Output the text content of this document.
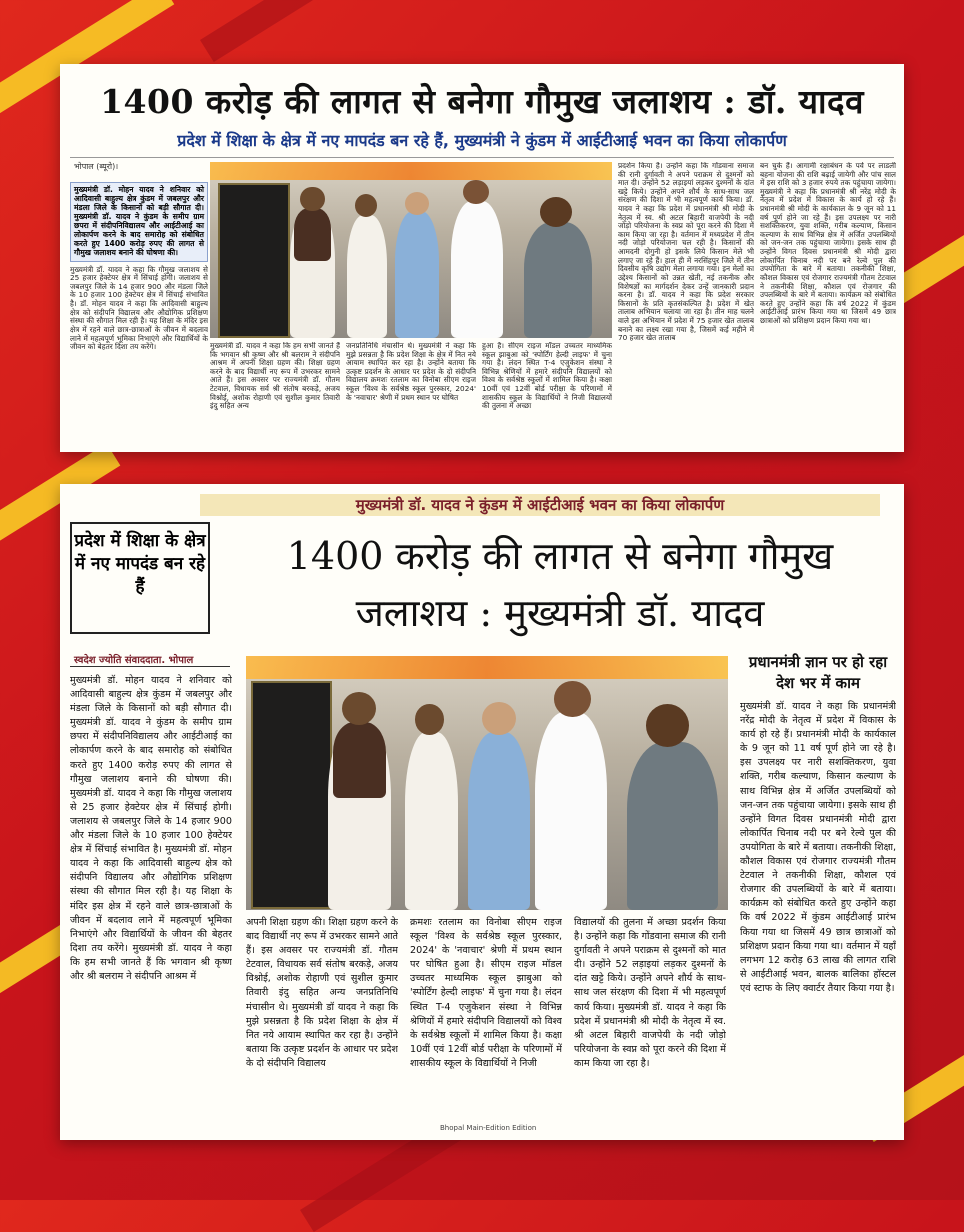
1400 करोड़ की लागत से बनेगा गौमुख जलाशय : डॉ. यादव
प्रदेश में शिक्षा के क्षेत्र में नए मापदंड बन रहे हैं, मुख्यमंत्री ने कुंडम में आईटीआई भवन का किया लोकार्पण
भोपाल (ब्यूरो)।
मुख्यमंत्री डॉ. मोहन यादव ने शनिवार को आदिवासी बाहुल्य क्षेत्र कुंडम में जबलपुर और मंडला जिले के किसानों को बड़ी सौगात दी। मुख्यमंत्री डॉ. यादव ने कुंडम के समीप ग्राम छपरा में संदीपनिविद्यालय और आईटीआई का लोकार्पण करने के बाद समारोह को संबोधित करते हुए 1400 करोड़ रुपए की लागत से गौमुख जलाशय बनाने की घोषणा की।
मुख्यमंत्री डॉ. यादव ने कहा कि गौमुख जलाशय से 25 हजार हेक्टेयर क्षेत्र में सिंचाई होगी। जलाशय से जबलपुर जिले के 14 हजार 900 और मंडला जिले के 10 हजार 100 हेक्टेयर क्षेत्र में सिंचाई संभावित है। डॉ. मोहन यादव ने कहा कि आदिवासी बाहुल्य क्षेत्र को संदीपनि विद्यालय और औद्योगिक प्रशिक्षण संस्था की सौगात मिल रही है। यह शिक्षा के मंदिर इस क्षेत्र में रहने वाले छात्र-छात्राओं के जीवन में बदलाव लाने में महत्वपूर्ण भूमिका निभाएंगे और विद्यार्थियों के जीवन को बेहतर दिशा तय करेंगे।	मुख्यमंत्री डॉ. यादव ने कहा कि हम सभी जानते हैं कि भगवान श्री कृष्ण और श्री बलराम ने संदीपनि आश्रम में अपनी शिक्षा ग्रहण की। शिक्षा ग्रहण करने के बाद विद्यार्थी नए रूप में उभरकर सामने आते हैं। इस अवसर पर राज्यमंत्री डॉ. गौतम टेटवाल, विधायक सर्व श्री संतोष बरकड़े, अजय विश्नोई, अशोक रोहाणी एवं सुशील कुमार तिवारी इंदु सहित अन्य
जनप्रतिनिधि मंचासीन थे। मुख्यमंत्री ने कहा कि मुझे प्रसन्नता है कि प्रदेश शिक्षा के क्षेत्र में नित नये आयाम स्थापित कर रहा है। उन्होंने बताया कि उत्कृष्ट प्रदर्शन के आधार पर प्रदेश के दो संदीपनि विद्यालय क्रमशः रतलाम का विनोबा सीएम राइज स्कूल 'विश्व के सर्वश्रेष्ठ स्कूल पुरस्कार, 2024' के 'नवाचार' श्रेणी में प्रथम स्थान पर घोषित
हुआ है। सीएम राइज मॉडल उच्चतर माध्यमिक स्कूल झाबुआ को 'स्पोर्टिंग हेल्दी लाइफ' में चुना गया है। लंदन स्थित T-4 एजुकेशन संस्था ने विभिन्न श्रेणियों में हमारे संदीपनि विद्यालयों को विश्व के सर्वश्रेष्ठ स्कूलों में शामिल किया है। कक्षा 10वीं एवं 12वीं बोर्ड परीक्षा के परिणामों में शासकीय स्कूल के विद्यार्थियों ने निजी विद्यालयों की तुलना में अच्छा
प्रदर्शन किया है। उन्होंने कहा कि गोंडवाना समाज की रानी दुर्गावती ने अपने पराक्रम से दुश्मनों को मात दी। उन्होंने 52 लड़ाइयां लड़कर दुश्मनों के दांत खट्टे किये। उन्होंने अपने शौर्य के साथ-साथ जल संरक्षण की दिशा में भी महत्वपूर्ण कार्य किया। डॉ. यादव ने कहा कि प्रदेश में प्रधानमंत्री श्री मोदी के नेतृत्व में स्व. श्री अटल बिहारी वाजपेयी के नदी जोड़ो परियोजना के स्वप्न को पूरा करने की दिशा में काम किया जा रहा है। वर्तमान में मध्यप्रदेश में तीन नदी जोड़ो परियोजना चल रही है। किसानों की आमदनी दोगुनी हो इसके लिये किसान मेले भी लगाए जा रहे हैं। हाल ही में नरसिंहपुर जिले में तीन दिवसीय कृषि उद्योग मेला लगाया गया। इन मेलों का उद्देश्य किसानों को उन्नत खेती, नई तकनीक और विशेषज्ञों का मार्गदर्शन देकर उन्हें जानकारी प्रदान करना है। डॉ. यादव ने कहा कि प्रदेश सरकार किसानों के प्रति कृतसंकल्पित है। प्रदेश में खेत तालाब अभियान चलाया जा रहा है। तीन माह चलने वाले इस अभियान में प्रदेश में 75 हजार खेत तालाब बनाने का लक्ष्य रखा गया है, जिसमें कई महीने में 70 हजार खेत तालाब
बन चुके हैं। आगामी रक्षाबंधन के पर्व पर लाडली बहना योजना की राशि बढ़ाई जायेगी और पांच साल में इस राशि को 3 हजार रुपये तक पहुंचाया जायेगा। मुख्यमंत्री ने कहा कि प्रधानमंत्री श्री नरेंद्र मोदी के नेतृत्व में प्रदेश में विकास के कार्य हो रहे हैं। प्रधानमंत्री श्री मोदी के कार्यकाल के 9 जून को 11 वर्ष पूर्ण होने जा रहे हैं। इस उपलक्ष्य पर नारी सशक्तिकरण, युवा शक्ति, गरीब कल्याण, किसान कल्याण के साथ विभिन्न क्षेत्र में अर्जित उपलब्धियों को जन-जन तक पहुंचाया जायेगा। इसके साथ ही उन्होंने विगत दिवस प्रधानमंत्री श्री मोदी द्वारा लोकार्पित चिनाब नदी पर बने रेल्वे पुल की उपयोगिता के बारे में बताया। तकनीकी शिक्षा, कौशल विकास एवं रोजगार राज्यमंत्री गौतम टेटवाल ने तकनीकी शिक्षा, कौशल एवं रोजगार की उपलब्धियों के बारे में बताया। कार्यक्रम को संबोधित करते हुए उन्होंने कहा कि वर्ष 2022 में कुंडम आईटीआई प्रारंभ किया गया था जिसमें 49 छात्र छात्राओं को प्रशिक्षण प्रदान किया गया था।
मुख्यमंत्री डॉ. यादव ने कुंडम में आईटीआई भवन का किया लोकार्पण
प्रदेश में शिक्षा के क्षेत्र में नए मापदंड बन रहे हैं
1400 करोड़ की लागत से बनेगा गौमुख
जलाशय : मुख्यमंत्री डॉ. यादव
स्वदेश ज्योति संवाददाता. भोपाल
मुख्यमंत्री डॉ. मोहन यादव ने शनिवार को आदिवासी बाहुल्य क्षेत्र कुंडम में जबलपुर और मंडला जिले के किसानों को बड़ी सौगात दी। मुख्यमंत्री डॉ. यादव ने कुंडम के समीप ग्राम छपरा में संदीपनिविद्यालय और आईटीआई का लोकार्पण करने के बाद समारोह को संबोधित करते हुए 1400 करोड़ रुपए की लागत से गौमुख जलाशय बनाने की घोषणा की। मुख्यमंत्री डॉ. यादव ने कहा कि गौमुख जलाशय से 25 हजार हेक्टेयर क्षेत्र में सिंचाई होगी। जलाशय से जबलपुर जिले के 14 हजार 900 और मंडला जिले के 10 हजार 100 हेक्टेयर क्षेत्र में सिंचाई संभावित है। मुख्यमंत्री डॉ. मोहन यादव ने कहा कि आदिवासी बाहुल्य क्षेत्र को संदीपनि विद्यालय और औद्योगिक प्रशिक्षण संस्था की सौगात मिल रही है। यह शिक्षा के मंदिर इस क्षेत्र में रहने वाले छात्र-छात्राओं के जीवन में बदलाव लाने में महत्वपूर्ण भूमिका निभाएंगे और विद्यार्थियों के जीवन की बेहतर दिशा तय करेंगे। मुख्यमंत्री डॉ. यादव ने कहा कि हम सभी जानते हैं कि भगवान श्री कृष्ण और श्री बलराम ने संदीपनि आश्रम में
अपनी शिक्षा ग्रहण की। शिक्षा ग्रहण करने के बाद विद्यार्थी नए रूप में उभरकर सामने आते हैं। इस अवसर पर राज्यमंत्री डॉ. गौतम टेटवाल, विधायक सर्व संतोष बरकड़े, अजय विश्नोई, अशोक रोहाणी एवं सुशील कुमार तिवारी इंदु सहित अन्य जनप्रतिनिधि मंचासीन थे। मुख्यमंत्री डॉ यादव ने कहा कि मुझे प्रसन्नता है कि प्रदेश शिक्षा के क्षेत्र में नित नये आयाम स्थापित कर रहा है। उन्होंने बताया कि उत्कृष्ट प्रदर्शन के आधार पर प्रदेश के दो संदीपनि विद्यालय
क्रमशः रतलाम का विनोबा सीएम राइज स्कूल 'विश्व के सर्वश्रेष्ठ स्कूल पुरस्कार, 2024' के 'नवाचार' श्रेणी में प्रथम स्थान पर घोषित हुआ है। सीएम राइज मॉडल उच्चतर माध्यमिक स्कूल झाबुआ को 'स्पोर्टिंग हेल्दी लाइफ' में चुना गया है। लंदन स्थित T-4 एजुकेशन संस्था ने विभिन्न श्रेणियों में हमारे संदीपनि विद्यालयों को विश्व के सर्वश्रेष्ठ स्कूलों में शामिल किया है। कक्षा 10वीं एवं 12वीं बोर्ड परीक्षा के परिणामों में शासकीय स्कूल के विद्यार्थियों ने निजी
विद्यालयों की तुलना में अच्छा प्रदर्शन किया है। उन्होंने कहा कि गोंडवाना समाज की रानी दुर्गावती ने अपने पराक्रम से दुश्मनों को मात दी। उन्होंने 52 लड़ाइयां लड़कर दुश्मनों के दांत खट्टे किये। उन्होंने अपने शौर्य के साथ-साथ जल संरक्षण की दिशा में भी महत्वपूर्ण कार्य किया। मुख्यमंत्री डॉ. यादव ने कहा कि प्रदेश में प्रधानमंत्री श्री मोदी के नेतृत्व में स्व. श्री अटल बिहारी वाजपेयी के नदी जोड़ो परियोजना के स्वप्न को पूरा करने की दिशा में काम किया जा रहा है।
प्रधानमंत्री ज्ञान पर हो रहा देश भर में काम
मुख्यमंत्री डॉ. यादव ने कहा कि प्रधानमंत्री नरेंद्र मोदी के नेतृत्व में प्रदेश में विकास के कार्य हो रहे हैं। प्रधानमंत्री मोदी के कार्यकाल के 9 जून को 11 वर्ष पूर्ण होने जा रहे है। इस उपलक्ष्य पर नारी सशक्तिकरण, युवा शक्ति, गरीब कल्याण, किसान कल्याण के साथ विभिन्न क्षेत्र में अर्जित उपलब्धियों को जन-जन तक पहुंचाया जायेगा। इसके साथ ही उन्होंने विगत दिवस प्रधानमंत्री मोदी द्वारा लोकार्पित चिनाब नदी पर बने रेल्वे पुल की उपयोगिता के बारे में बताया। तकनीकी शिक्षा, कौशल विकास एवं रोजगार राज्यमंत्री गौतम टेटवाल ने तकनीकी शिक्षा, कौशल एवं रोजगार की उपलब्धियों के बारे में बताया। कार्यक्रम को संबोधित करते हुए उन्होंने कहा कि वर्ष 2022 में कुंडम आईटीआई प्रारंभ किया गया था जिसमें 49 छात्र छात्राओं को प्रशिक्षण प्रदान किया गया था। वर्तमान में यहाँ लगभग 12 करोड़ 63 लाख की लागत राशि से आईटीआई भवन, बालक बालिका हॉस्टल एवं स्टाफ के लिए क्वार्टर तैयार किया गया है।
Bhopal Main-Edition Edition
